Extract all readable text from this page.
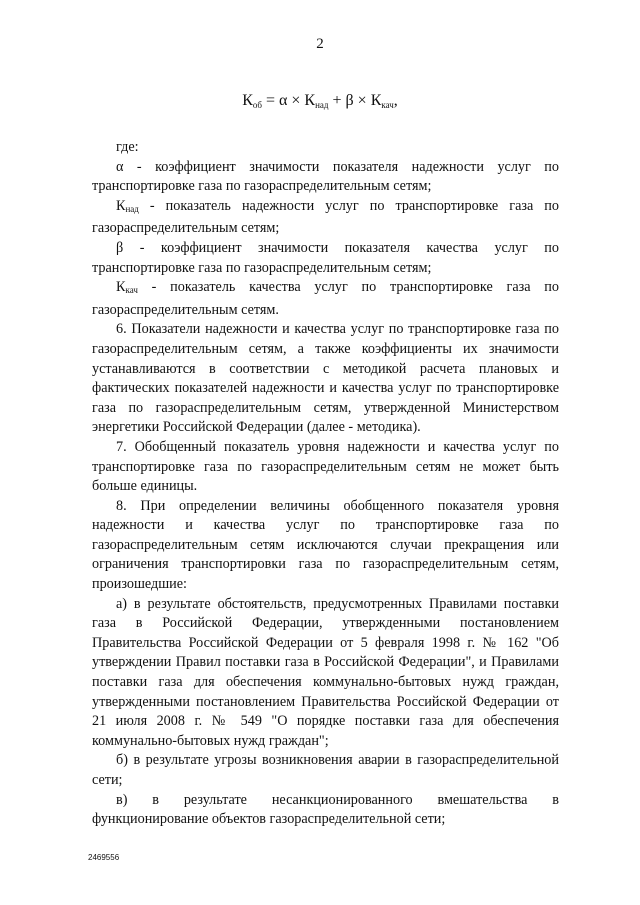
2
$К_{об} = \alpha \times К_{над} + \beta \times К_{кач}$,

где:

α - коэффициент значимости показателя надежности услуг по транспортировке газа по газораспределительным сетям;

$К_{над}$ - показатель надежности услуг по транспортировке газа по газораспределительным сетям;

β - коэффициент значимости показателя качества услуг по транспортировке газа по газораспределительным сетям;

$К_{кач}$ - показатель качества услуг по транспортировке газа по газораспределительным сетям.

6. Показатели надежности и качества услуг по транспортировке газа по газораспределительным сетям, а также коэффициенты их значимости устанавливаются в соответствии с методикой расчета плановых и фактических показателей надежности и качества услуг по транспортировке газа по газораспределительным сетям, утвержденной Министерством энергетики Российской Федерации (далее - методика).

7. Обобщенный показатель уровня надежности и качества услуг по транспортировке газа по газораспределительным сетям не может быть больше единицы.

8. При определении величины обобщенного показателя уровня надежности и качества услуг по транспортировке газа по газораспределительным сетям исключаются случаи прекращения или ограничения транспортировки газа по газораспределительным сетям, произошедшие:

а) в результате обстоятельств, предусмотренных Правилами поставки газа в Российской Федерации, утвержденными постановлением Правительства Российской Федерации от 5 февраля 1998 г. № 162 "Об утверждении Правил поставки газа в Российской Федерации", и Правилами поставки газа для обеспечения коммунально-бытовых нужд граждан, утвержденными постановлением Правительства Российской Федерации от 21 июля 2008 г. № 549 "О порядке поставки газа для обеспечения коммунально-бытовых нужд граждан";

б) в результате угрозы возникновения аварии в газораспределительной сети;

в) в результате несанкционированного вмешательства в функционирование объектов газораспределительной сети;

2469556
